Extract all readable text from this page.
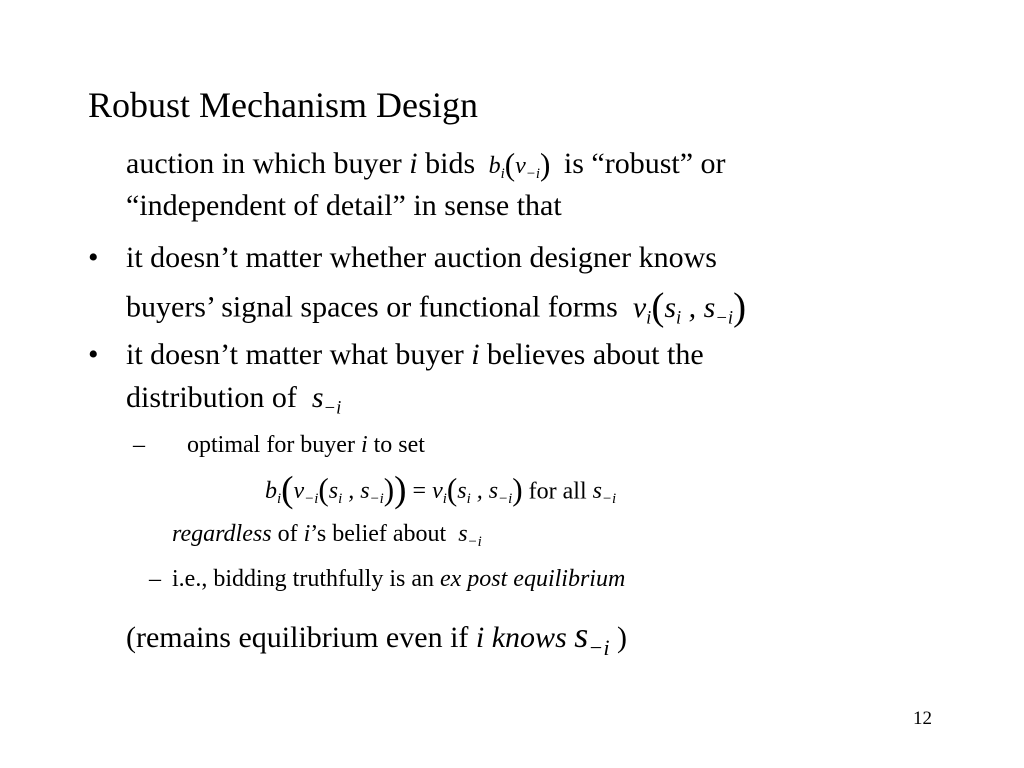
Robust Mechanism Design
auction in which buyer i bids  $b_i(v_{-i})$ is “robust” or
“independent of detail” in sense that
• it doesn’t matter whether auction designer knows
buyers’ signal spaces or functional forms  $v_i(s_i$ , $s_{-i}$)
• it doesn’t matter what buyer i believes about the
distribution of  $s_{-i}$
– optimal for buyer i to set
$b_i(v_{-i}(s_i$ , $s_{-i})) = v_i(s_i$ , $s_{-i}$) for all $s_{-i}$
regardless of i’s belief about  $s_{-i}$
– i.e., bidding truthfully is an ex post equilibrium
(remains equilibrium even if i knows $s_{-i}$ )
12
